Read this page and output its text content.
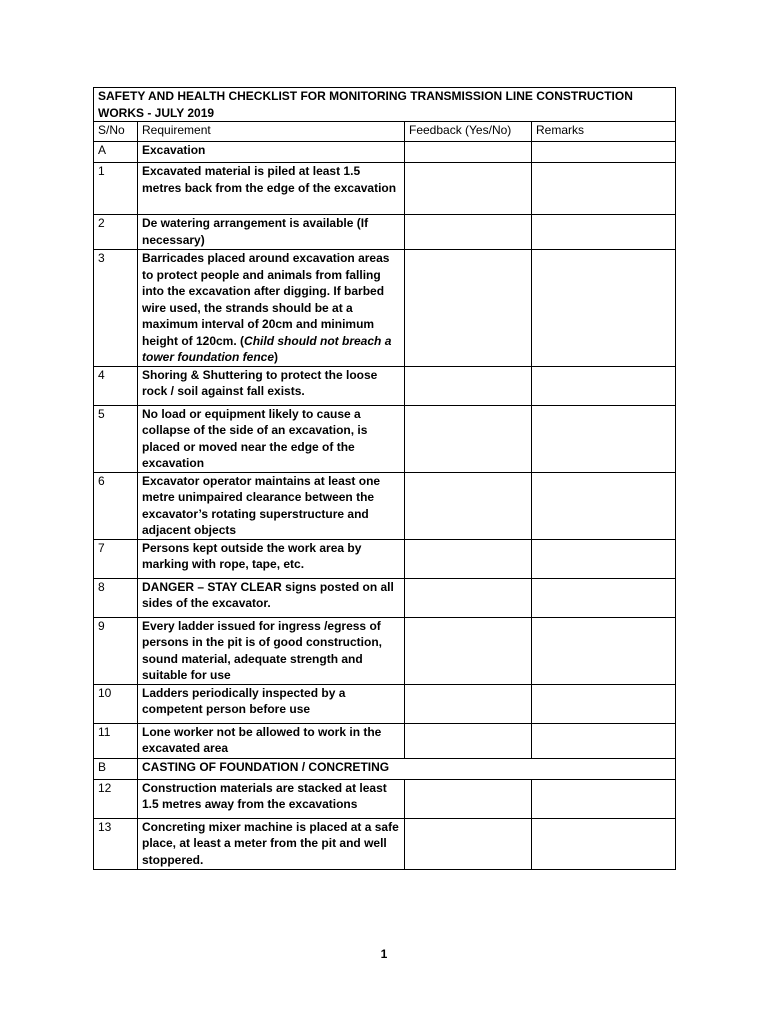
SAFETY AND HEALTH CHECKLIST FOR MONITORING TRANSMISSION LINE CONSTRUCTION WORKS - JULY 2019			
S/No	Requirement	Feedback (Yes/No)	Remarks
A	Excavation		
1	Excavated material is piled at least 1.5 metres back from the edge of the excavation		
2	De watering arrangement is available (If necessary)		
3	Barricades placed around excavation areas to protect people and animals from falling into the excavation after digging. If barbed wire used, the strands should be at a maximum interval of 20cm and minimum height of 120cm. (Child should not breach a tower foundation fence)		
4	Shoring & Shuttering to protect the loose rock / soil against fall exists.		
5	No load or equipment likely to cause a collapse of the side of an excavation, is placed or moved near the edge of the excavation		
6	Excavator operator maintains at least one metre unimpaired clearance between the excavator’s rotating superstructure and adjacent objects		
7	Persons kept outside the work area by marking with rope, tape, etc.		
8	DANGER – STAY CLEAR signs posted on all sides of the excavator.		
9	Every ladder issued for ingress /egress of persons in the pit is of good construction, sound material, adequate strength and suitable for use		
10	Ladders periodically inspected by a competent person before use		
11	Lone worker not be allowed to work in the excavated area		
B	CASTING OF FOUNDATION / CONCRETING		
12	Construction materials are stacked at least 1.5 metres away from the excavations		
13	Concreting mixer machine is placed at a safe place, at least a meter from the pit and well stoppered.		
1
